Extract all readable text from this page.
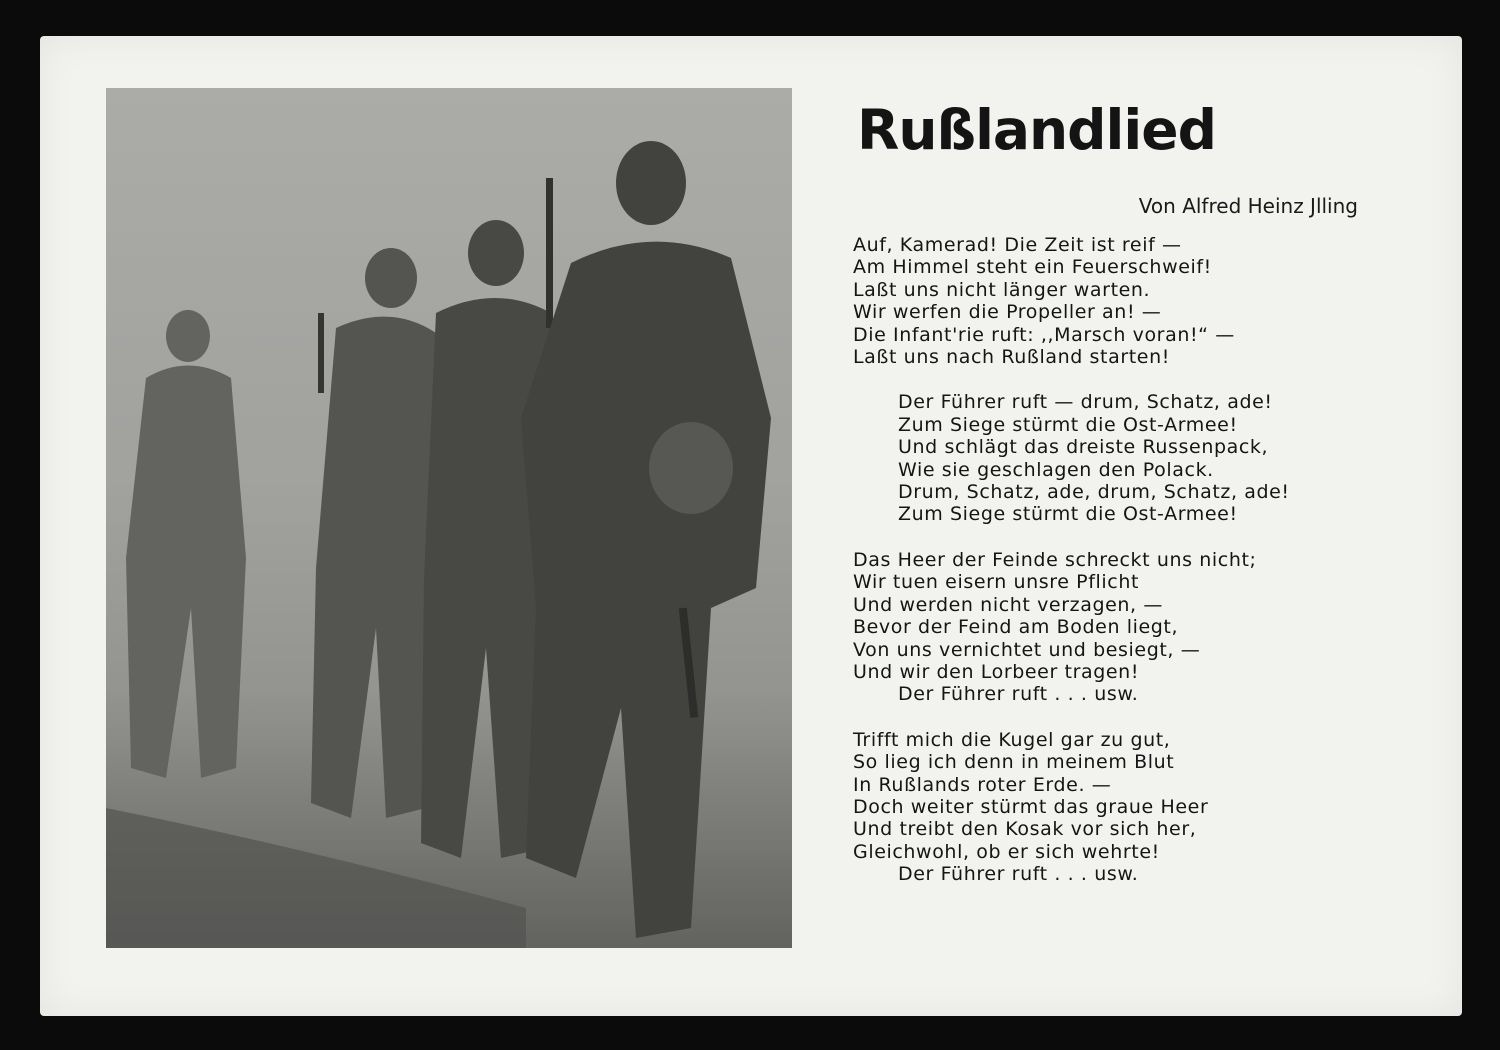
Rußlandlied
Von Alfred Heinz Jlling
Auf, Kamerad! Die Zeit ist reif —
Am Himmel steht ein Feuerschweif!
Laßt uns nicht länger warten.
Wir werfen die Propeller an! —
Die Infant'rie ruft: ,,Marsch voran!“ —
Laßt uns nach Rußland starten!
Der Führer ruft — drum, Schatz, ade!
Zum Siege stürmt die Ost-Armee!
Und schlägt das dreiste Russenpack,
Wie sie geschlagen den Polack.
Drum, Schatz, ade, drum, Schatz, ade!
Zum Siege stürmt die Ost-Armee!
Das Heer der Feinde schreckt uns nicht;
Wir tuen eisern unsre Pflicht
Und werden nicht verzagen, —
Bevor der Feind am Boden liegt,
Von uns vernichtet und besiegt, —
Und wir den Lorbeer tragen!
Der Führer ruft . . . usw.
Trifft mich die Kugel gar zu gut,
So lieg ich denn in meinem Blut
In Rußlands roter Erde. —
Doch weiter stürmt das graue Heer
Und treibt den Kosak vor sich her,
Gleichwohl, ob er sich wehrte!
Der Führer ruft . . . usw.
